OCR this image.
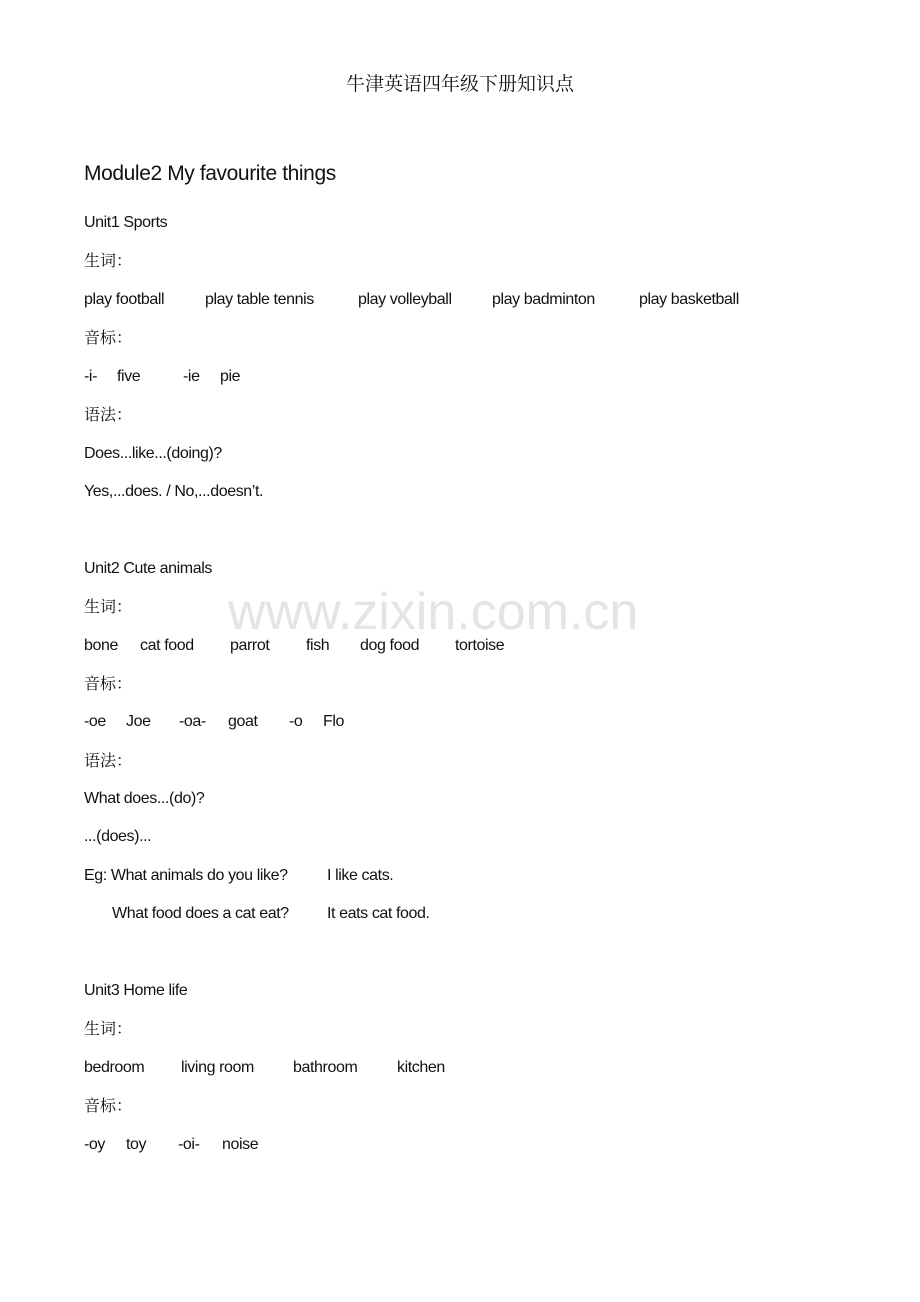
www.zixin.com.cn
牛津英语四年级下册知识点
Module2 My favourite things
Unit1 Sports
生词：
play football	play table tennis	play volleyball	play badminton	play basketball
音标：
-i- five	-ie pie
语法：
Does...like...(doing)?
Yes,...does. / No,...doesn’t.
Unit2 Cute animals
生词：
bone cat food parrot fish dog food tortoise
音标：
-oe Joe -oa- goat -o Flo
语法：
What does...(do)?
...(does)...
Eg: What animals do you like? I like cats.
What food does a cat eat? It eats cat food.
Unit3 Home life
生词：
bedroom living room bathroom kitchen
音标：
-oy toy -oi- noise
